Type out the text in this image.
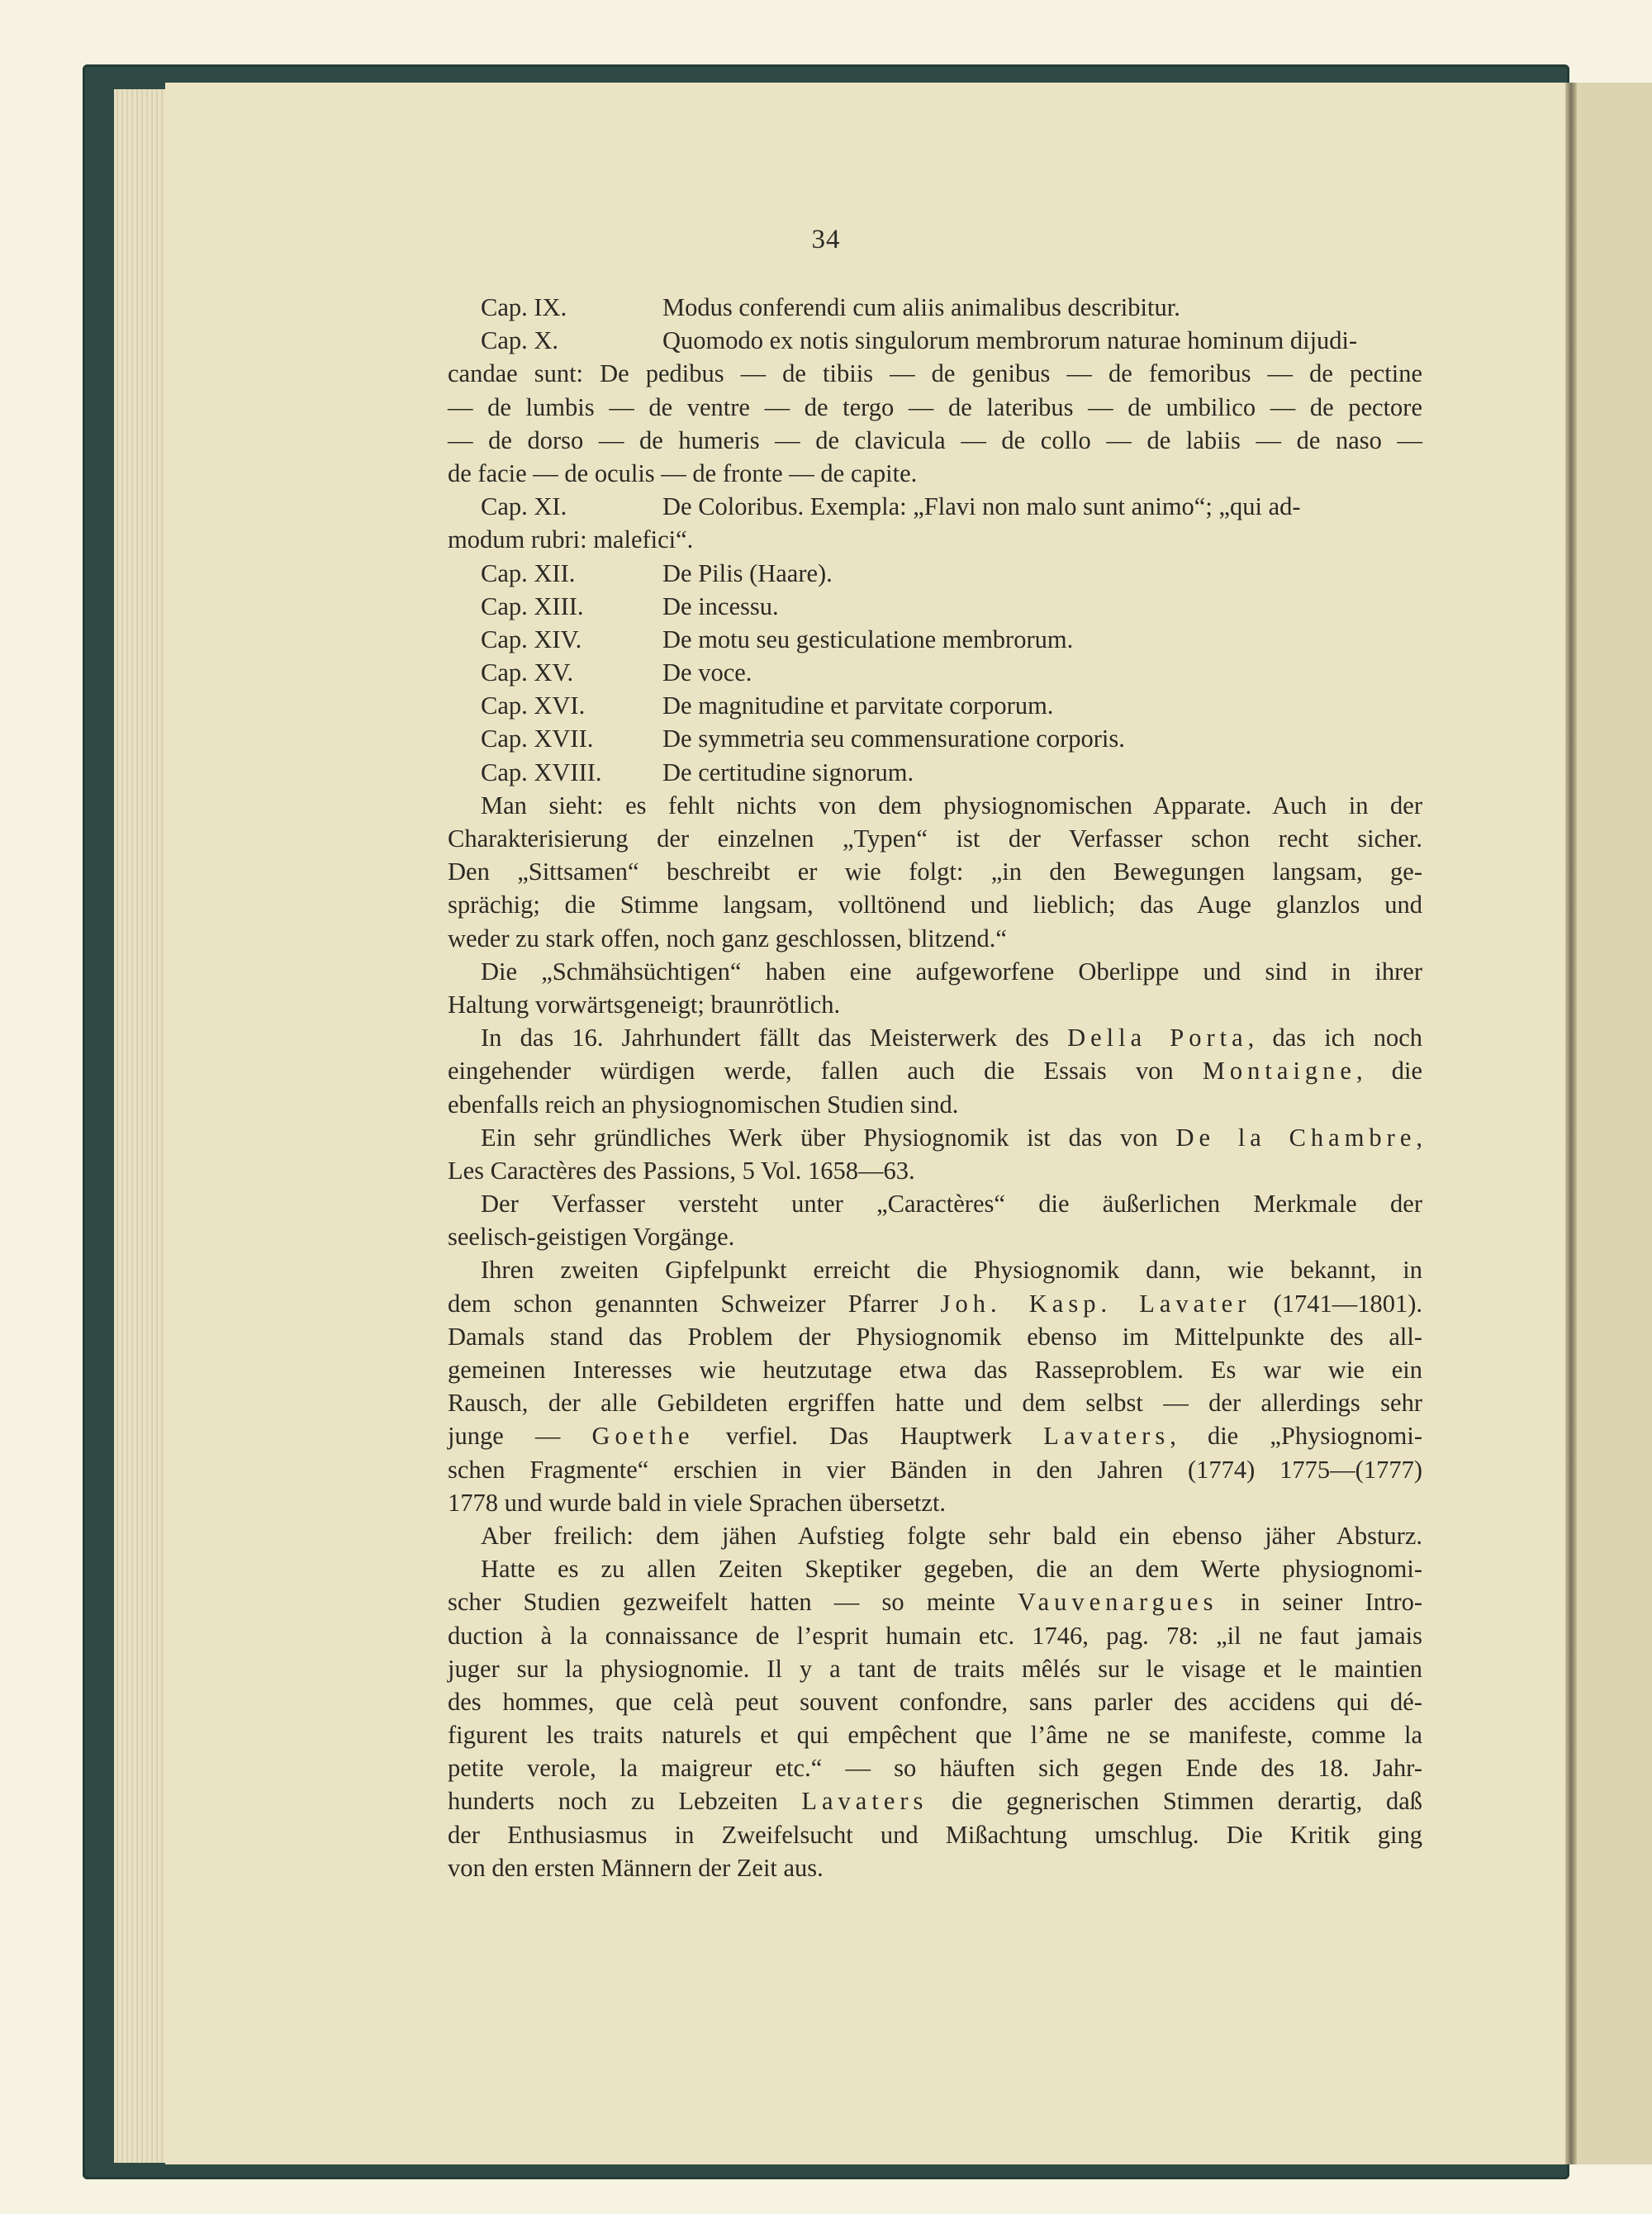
34
Cap. IX.	Modus conferendi cum aliis animalibus describitur.
Cap. X.	Quomodo ex notis singulorum membrorum naturae hominum dijudi-
candae sunt: De pedibus — de tibiis — de genibus — de femoribus — de pectine
— de lumbis — de ventre — de tergo — de lateribus — de umbilico — de pectore
— de dorso — de humeris — de clavicula — de collo — de labiis — de naso —
de facie — de oculis — de fronte — de capite.
Cap. XI.	De Coloribus. Exempla: „Flavi non malo sunt animo“; „qui ad-
modum rubri: malefici“.
Cap. XII.	De Pilis (Haare).
Cap. XIII.	De incessu.
Cap. XIV.	De motu seu gesticulatione membrorum.
Cap. XV.	De voce.
Cap. XVI.	De magnitudine et parvitate corporum.
Cap. XVII.	De symmetria seu commensuratione corporis.
Cap. XVIII. De certitudine signorum.
Man sieht: es fehlt nichts von dem physiognomischen Apparate. Auch in der
Charakterisierung der einzelnen „Typen“ ist der Verfasser schon recht sicher.
Den „Sittsamen“ beschreibt er wie folgt: „in den Bewegungen langsam, ge-
sprächig; die Stimme langsam, volltönend und lieblich; das Auge glanzlos und
weder zu stark offen, noch ganz geschlossen, blitzend.“
Die „Schmähsüchtigen“ haben eine aufgeworfene Oberlippe und sind in ihrer
Haltung vorwärtsgeneigt; braunrötlich.
In das 16. Jahrhundert fällt das Meisterwerk des Della Porta, das ich noch
eingehender würdigen werde, fallen auch die Essais von Montaigne, die
ebenfalls reich an physiognomischen Studien sind.
Ein sehr gründliches Werk über Physiognomik ist das von De la Chambre,
Les Caractères des Passions, 5 Vol. 1658—63.
Der Verfasser versteht unter „Caractères“ die äußerlichen Merkmale der
seelisch-geistigen Vorgänge.
Ihren zweiten Gipfelpunkt erreicht die Physiognomik dann, wie bekannt, in
dem schon genannten Schweizer Pfarrer Joh. Kasp. Lavater (1741—1801).
Damals stand das Problem der Physiognomik ebenso im Mittelpunkte des all-
gemeinen Interesses wie heutzutage etwa das Rasseproblem. Es war wie ein
Rausch, der alle Gebildeten ergriffen hatte und dem selbst — der allerdings sehr
junge — Goethe verfiel. Das Hauptwerk Lavaters, die „Physiognomi-
schen Fragmente“ erschien in vier Bänden in den Jahren (1774) 1775—(1777)
1778 und wurde bald in viele Sprachen übersetzt.
Aber freilich: dem jähen Aufstieg folgte sehr bald ein ebenso jäher Absturz.
Hatte es zu allen Zeiten Skeptiker gegeben, die an dem Werte physiognomi-
scher Studien gezweifelt hatten — so meinte Vauvenargues in seiner Intro-
duction à la connaissance de l’esprit humain etc. 1746, pag. 78: „il ne faut jamais
juger sur la physiognomie. Il y a tant de traits mêlés sur le visage et le maintien
des hommes, que celà peut souvent confondre, sans parler des accidens qui dé-
figurent les traits naturels et qui empêchent que l’âme ne se manifeste, comme la
petite verole, la maigreur etc.“ — so häuften sich gegen Ende des 18. Jahr-
hunderts noch zu Lebzeiten Lavaters die gegnerischen Stimmen derartig, daß
der Enthusiasmus in Zweifelsucht und Mißachtung umschlug. Die Kritik ging
von den ersten Männern der Zeit aus.
